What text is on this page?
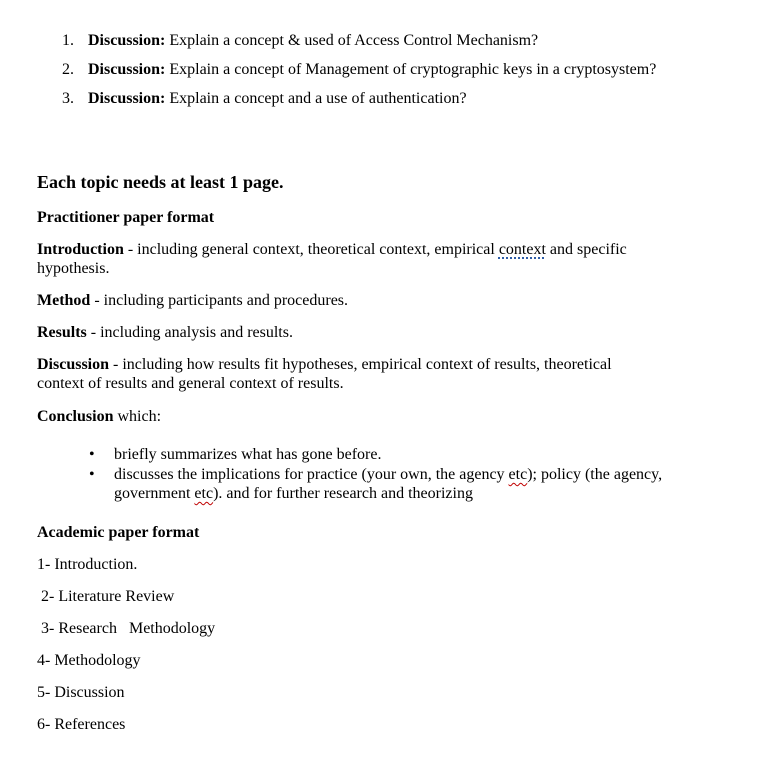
1. Discussion: Explain a concept & used of Access Control Mechanism?
2. Discussion: Explain a concept of Management of cryptographic keys in a cryptosystem?
3. Discussion: Explain a concept and a use of authentication?
Each topic needs at least 1 page.
Practitioner paper format
Introduction - including general context, theoretical context, empirical context and specific
hypothesis.
Method - including participants and procedures.
Results - including analysis and results.
Discussion - including how results fit hypotheses, empirical context of results, theoretical
context of results and general context of results.
Conclusion which:
• briefly summarizes what has gone before.
• discusses the implications for practice (your own, the agency etc); policy (the agency,
government etc). and for further research and theorizing
Academic paper format
1- Introduction.
2- Literature Review
3- Research   Methodology
4- Methodology
5- Discussion
6- References
